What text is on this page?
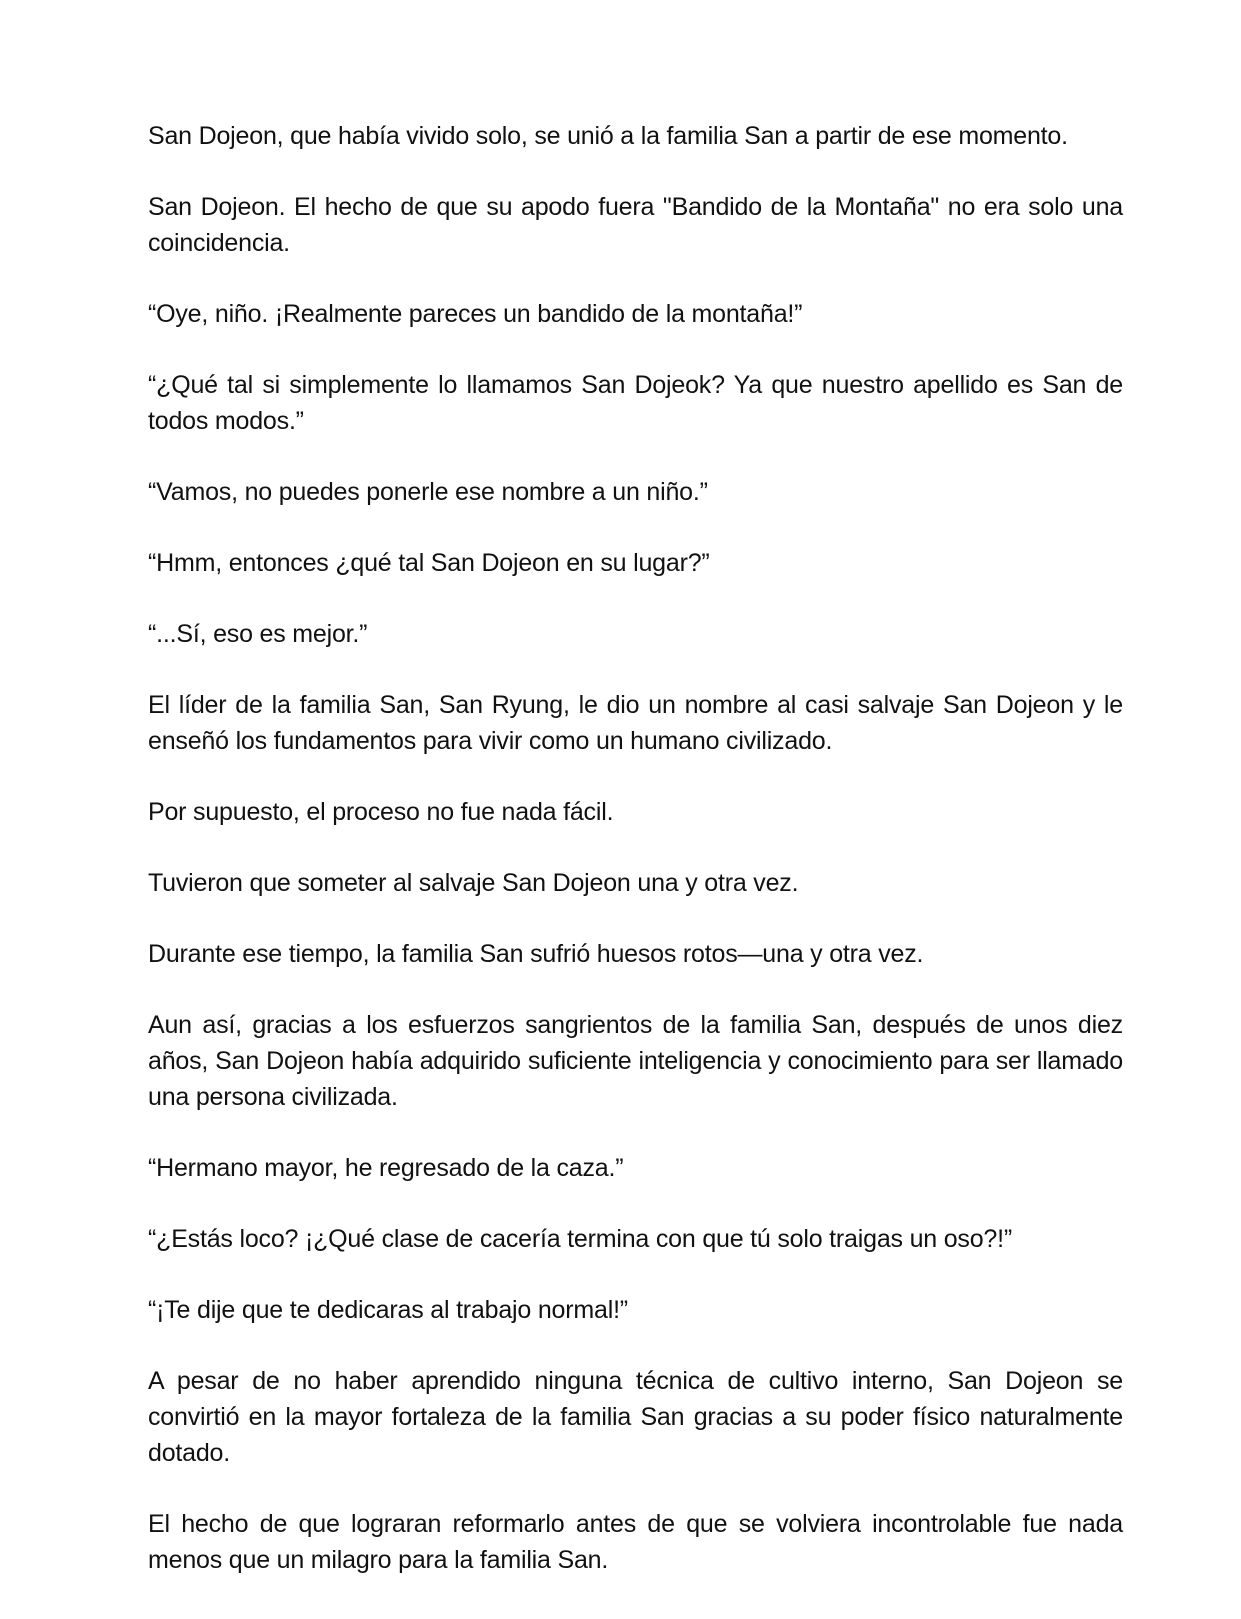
San Dojeon, que había vivido solo, se unió a la familia San a partir de ese momento.

San Dojeon. El hecho de que su apodo fuera "Bandido de la Montaña" no era solo una coincidencia.

“Oye, niño. ¡Realmente pareces un bandido de la montaña!”

“¿Qué tal si simplemente lo llamamos San Dojeok? Ya que nuestro apellido es San de todos modos.”

“Vamos, no puedes ponerle ese nombre a un niño.”

“Hmm, entonces ¿qué tal San Dojeon en su lugar?”

“...Sí, eso es mejor.”

El líder de la familia San, San Ryung, le dio un nombre al casi salvaje San Dojeon y le enseñó los fundamentos para vivir como un humano civilizado.

Por supuesto, el proceso no fue nada fácil.

Tuvieron que someter al salvaje San Dojeon una y otra vez.

Durante ese tiempo, la familia San sufrió huesos rotos—una y otra vez.

Aun así, gracias a los esfuerzos sangrientos de la familia San, después de unos diez años, San Dojeon había adquirido suficiente inteligencia y conocimiento para ser llamado una persona civilizada.

“Hermano mayor, he regresado de la caza.”

“¿Estás loco? ¡¿Qué clase de cacería termina con que tú solo traigas un oso?!”

“¡Te dije que te dedicaras al trabajo normal!”

A pesar de no haber aprendido ninguna técnica de cultivo interno, San Dojeon se convirtió en la mayor fortaleza de la familia San gracias a su poder físico naturalmente dotado.

El hecho de que lograran reformarlo antes de que se volviera incontrolable fue nada menos que un milagro para la familia San.
